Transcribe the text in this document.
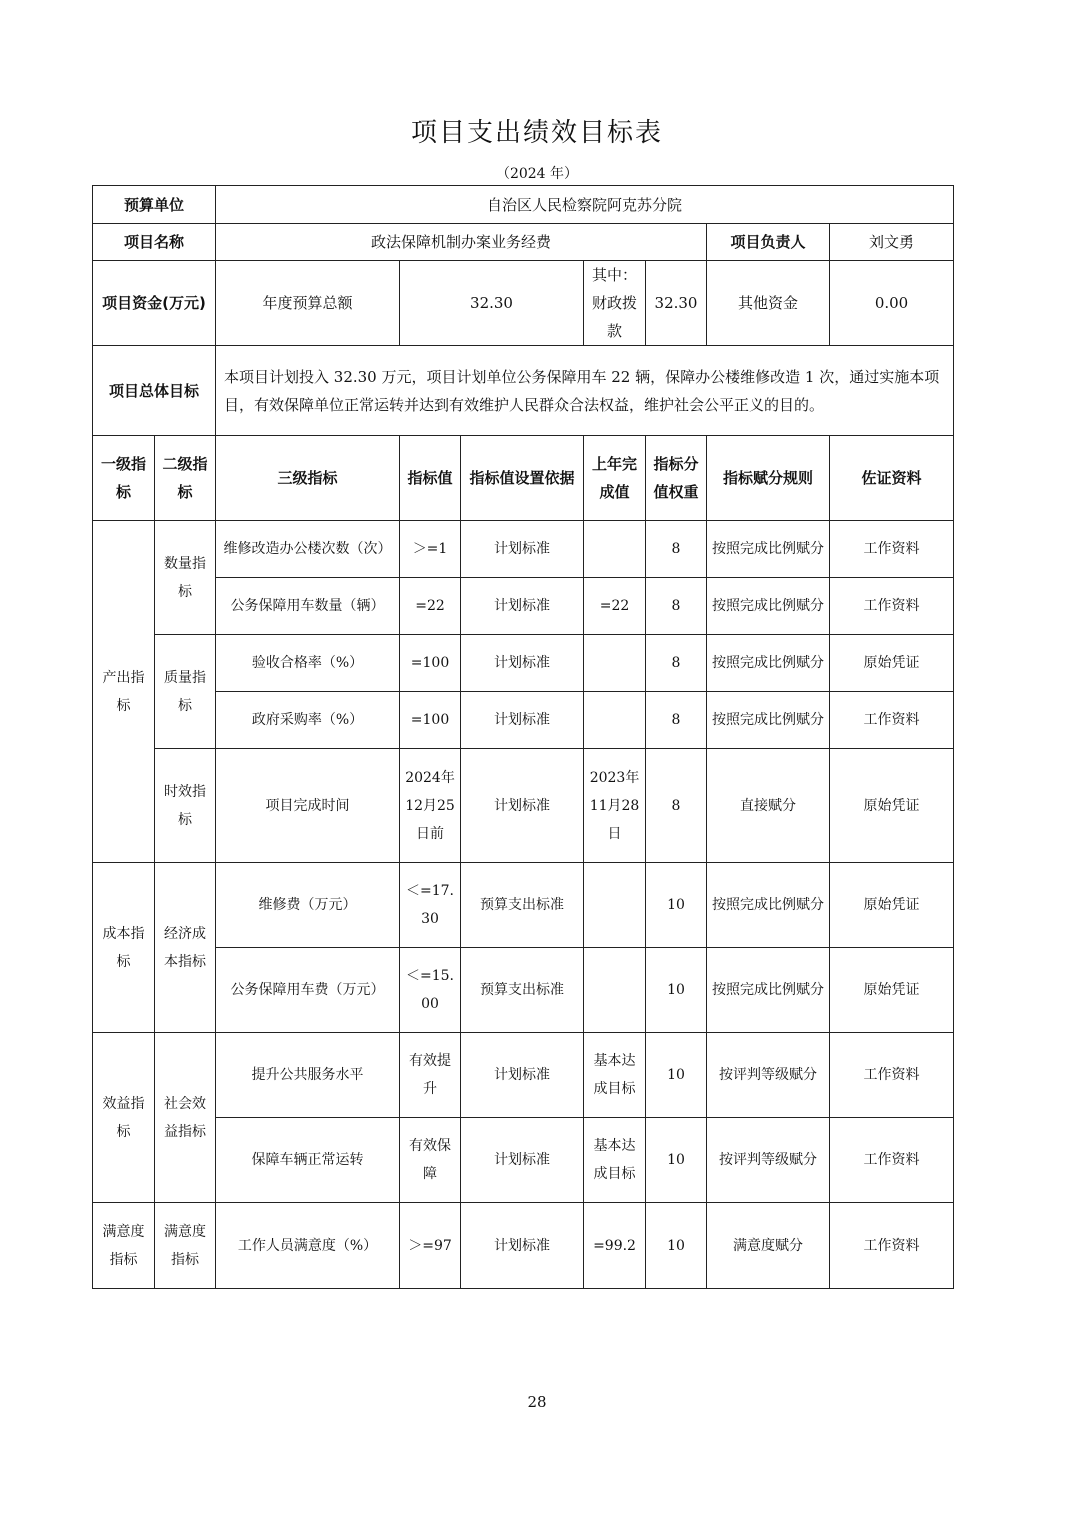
项目支出绩效目标表
（2024 年）
预算单位		自治区人民检察院阿克苏分院						
项目名称		政法保障机制办案业务经费					项目负责人	刘文勇
项目资金(万元)		年度预算总额	32.30		其中：财政拨款	32.30	其他资金	0.00
项目总体目标		本项目计划投入 32.30 万元，项目计划单位公务保障用车 22 辆，保障办公楼维修改造 1 次，通过实施本项目，有效保障单位正常运转并达到有效维护人民群众合法权益，维护社会公平正义的目的。						
一级指标	二级指标	三级指标	指标值	指标值设置依据	上年完成值	指标分值权重	指标赋分规则	佐证资料
产出指标	数量指标	维修改造办公楼次数（次）	＞=1	计划标准		8	按照完成比例赋分	工作资料
		公务保障用车数量（辆）	=22	计划标准	=22	8	按照完成比例赋分	工作资料
	质量指标	验收合格率（%）	=100	计划标准		8	按照完成比例赋分	原始凭证
		政府采购率（%）	=100	计划标准		8	按照完成比例赋分	工作资料
	时效指标	项目完成时间	2024年12月25日前	计划标准	2023年11月28日	8	直接赋分	原始凭证
成本指标	经济成本指标	维修费（万元）	＜=17.30	预算支出标准		10	按照完成比例赋分	原始凭证
		公务保障用车费（万元）	＜=15.00	预算支出标准		10	按照完成比例赋分	原始凭证
效益指标	社会效益指标	提升公共服务水平	有效提升	计划标准	基本达成目标	10	按评判等级赋分	工作资料
		保障车辆正常运转	有效保障	计划标准	基本达成目标	10	按评判等级赋分	工作资料
满意度指标	满意度指标	工作人员满意度（%）	＞=97	计划标准	=99.2	10	满意度赋分	工作资料
28
